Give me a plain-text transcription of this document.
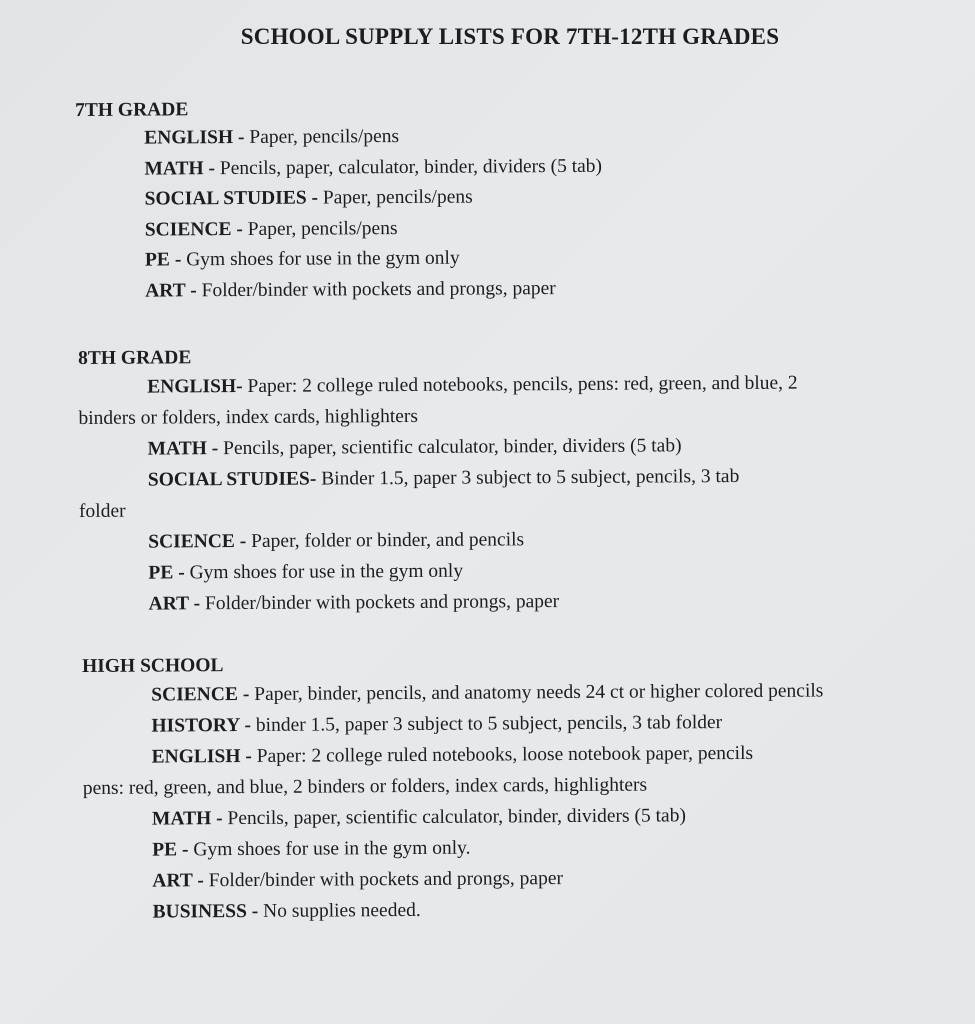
SCHOOL SUPPLY LISTS FOR 7TH-12TH GRADES

7TH GRADE

ENGLISH - Paper, pencils/pens
MATH - Pencils, paper, calculator, binder, dividers (5 tab)
SOCIAL STUDIES - Paper, pencils/pens
SCIENCE - Paper, pencils/pens
PE - Gym shoes for use in the gym only
ART - Folder/binder with pockets and prongs, paper

8TH GRADE

ENGLISH- Paper: 2 college ruled notebooks, pencils, pens: red, green, and blue, 2
binders or folders, index cards, highlighters
MATH - Pencils, paper, scientific calculator, binder, dividers (5 tab)
SOCIAL STUDIES- Binder 1.5, paper 3 subject to 5 subject, pencils, 3 tab
folder
SCIENCE - Paper, folder or binder, and pencils
PE - Gym shoes for use in the gym only
ART - Folder/binder with pockets and prongs, paper

HIGH SCHOOL

SCIENCE - Paper, binder, pencils, and anatomy needs 24 ct or higher colored pencils
HISTORY - binder 1.5, paper 3 subject to 5 subject, pencils, 3 tab folder
ENGLISH - Paper: 2 college ruled notebooks, loose notebook paper, pencils
pens: red, green, and blue, 2 binders or folders, index cards, highlighters
MATH - Pencils, paper, scientific calculator, binder, dividers (5 tab)
PE - Gym shoes for use in the gym only.
ART - Folder/binder with pockets and prongs, paper
BUSINESS - No supplies needed.
